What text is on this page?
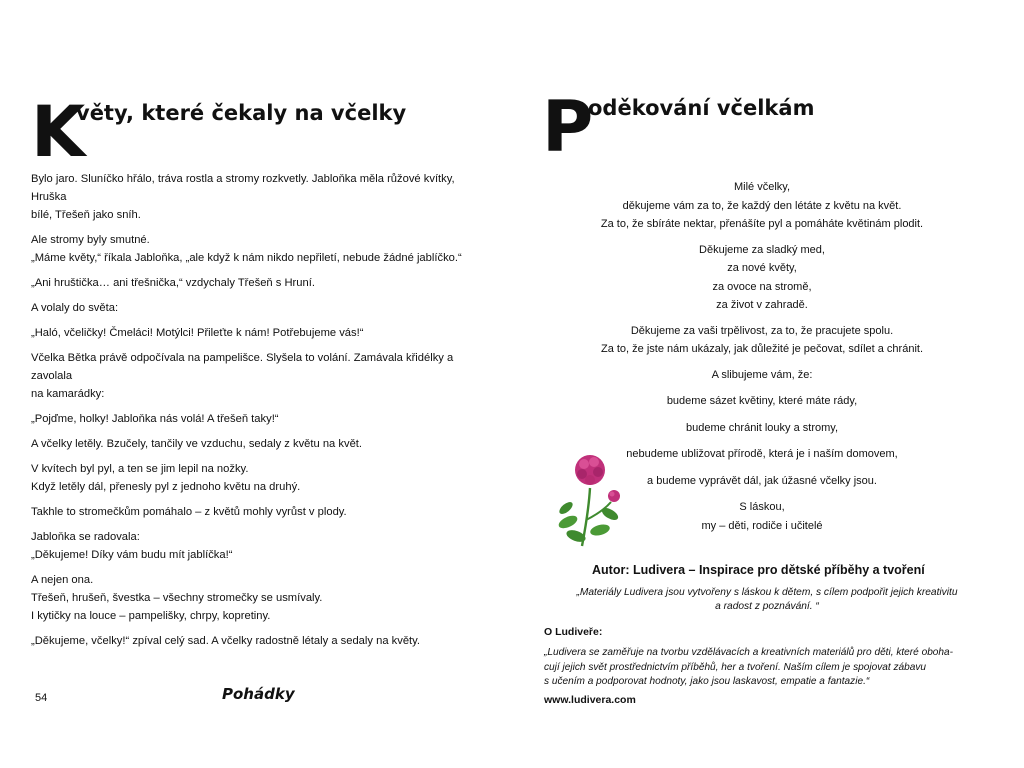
K
věty, které čekaly na včelky

Bylo jaro. Sluníčko hřálo, tráva rostla a stromy rozkvetly. Jabloňka měla růžové kvítky, Hruška
bílé, Třešeň jako sníh.

Ale stromy byly smutné.
„Máme květy,“ říkala Jabloňka, „ale když k nám nikdo nepřiletí, nebude žádné jablíčko.“

„Ani hruštička… ani třešnička,“ vzdychaly Třešeň s Hruní.

A volaly do světa:

„Haló, včeličky! Čmeláci! Motýlci! Přileťte k nám! Potřebujeme vás!“

Včelka Bětka právě odpočívala na pampelišce. Slyšela to volání. Zamávala křidélky a zavolala
na kamarádky:

„Pojďme, holky! Jabloňka nás volá! A třešeň taky!“

A včelky letěly. Bzučely, tančily ve vzduchu, sedaly z květu na květ.

V kvítech byl pyl, a ten se jim lepil na nožky.
Když letěly dál, přenesly pyl z jednoho květu na druhý.

Takhle to stromečkům pomáhalo – z květů mohly vyrůst v plody.

Jabloňka se radovala:
„Děkujeme! Díky vám budu mít jablíčka!“

A nejen ona.
Třešeň, hrušeň, švestka – všechny stromečky se usmívaly.
I kytičky na louce – pampelišky, chrpy, kopretiny.

„Děkujeme, včelky!“ zpíval celý sad. A včelky radostně létaly a sedaly na květy.

54	Pohádky
P
oděkování včelkám

Milé včelky,
děkujeme vám za to, že každý den létáte z květu na květ.
Za to, že sbíráte nektar, přenášíte pyl a pomáháte květinám plodit.

Děkujeme za sladký med,
za nové květy,
za ovoce na stromě,
za život v zahradě.

Děkujeme za vaši trpělivost, za to, že pracujete spolu.
Za to, že jste nám ukázaly, jak důležité je pečovat, sdílet a chránit.

A slibujeme vám, že:

budeme sázet květiny, které máte rády,

budeme chránit louky a stromy,

nebudeme ubližovat přírodě, která je i naším domovem,

a budeme vyprávět dál, jak úžasné včelky jsou.

S láskou,
my – děti, rodiče i učitelé

Autor: Ludivera – Inspirace pro dětské příběhy a tvoření
„Materiály Ludivera jsou vytvořeny s láskou k dětem, s cílem podpořit jejich kreativitu
a radost z poznávání. “
O Ludiveře:
„Ludivera se zaměřuje na tvorbu vzdělávacích a kreativních materiálů pro děti, které oboha-
cují jejich svět prostřednictvím příběhů, her a tvoření. Naším cílem je spojovat zábavu
s učením a podporovat hodnoty, jako jsou laskavost, empatie a fantazie.“
www.ludivera.com
